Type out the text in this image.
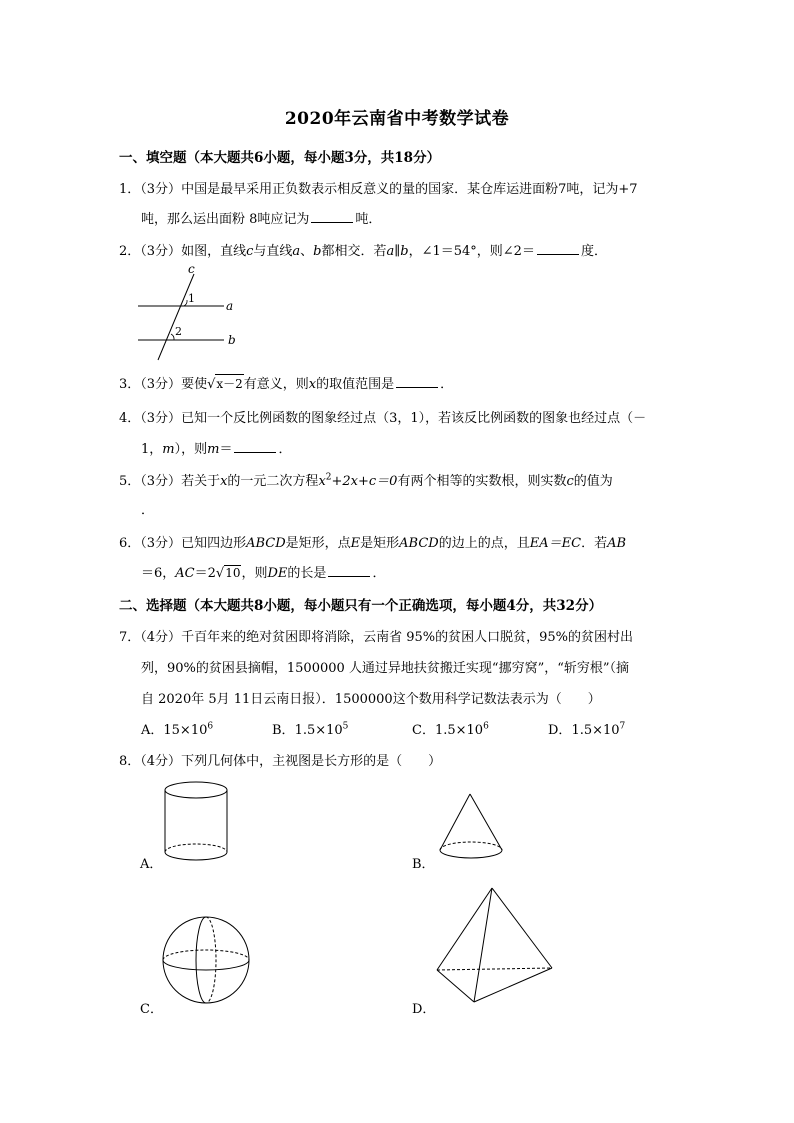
2020年云南省中考数学试卷
一、填空题（本大题共6小题，每小题3分，共18分）
1．（3分）中国是最早采用正负数表示相反意义的量的国家．某仓库运进面粉7吨，记为+7
吨，那么运出面粉 8吨应记为	吨．
2．（3分）如图，直线c与直线a、b都相交．若a∥b，∠1＝54°，则∠2＝	度．
c
1
a
2
b
3．（3分）要使√x－2有意义，则x的取值范围是	．
4．（3分）已知一个反比例函数的图象经过点（3，1），若该反比例函数的图象也经过点（－
1，m），则m＝	．
5．（3分）若关于x的一元二次方程$x^2+2x+c=0$有两个相等的实数根，则实数c的值为
．
6．（3分）已知四边形ABCD是矩形，点E是矩形ABCD的边上的点，且EA＝EC．若AB
＝6，AC＝2√10，则DE的长是	．
二、选择题（本大题共8小题，每小题只有一个正确选项，每小题4分，共32分）
7．（4分）千百年来的绝对贫困即将消除，云南省 95%的贫困人口脱贫，95%的贫困村出
列，90%的贫困县摘帽，1500000 人通过异地扶贫搬迁实现“挪穷窝”，“斩穷根”（摘
自 2020年 5月 11日云南日报）．1500000这个数用科学记数法表示为（　　）
A．$15\times 10^6$	B．$1.5\times 10^5$	C．$1.5\times 10^6$	D．$1.5\times 10^7$
8．（4分）下列几何体中，主视图是长方形的是（　　）
A．	B．
C．	D．
